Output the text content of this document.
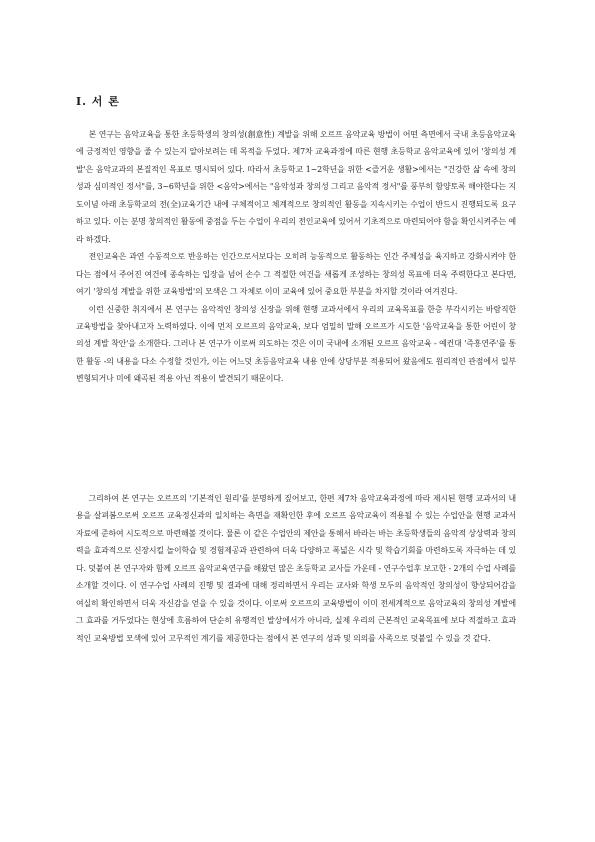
Ⅰ. 서 론

본 연구는 음악교육을 통한 초등학생의 창의성(創意性) 계발을 위해 오르프 음악교육 방법이 어떤 측면에서 국내 초등음악교육에 긍정적인 영향을 줄 수 있는지 알아보려는 데 목적을 두었다. 제7차 교육과정에 따른 현행 초등학교 음악교육에 있어 '창의성 계발'은 음악교과의 본질적인 목표로 명시되어 있다. 따라서 초등학교 1~2학년을 위한 <즐거운 생활>에서는 "건강한 삶 속에 창의성과 심미적인 정서"를, 3~6학년을 위한 <음악>에서는 "음악성과 창의성 그리고 음악적 정서"를 풍부히 함양토록 해야한다는 지도이념 아래 초등학교의 전(全)교육기간 내에 구체적이고 체계적으로 창의적인 활동을 지속시키는 수업이 반드시 진행되도록 요구하고 있다. 이는 분명 창의적인 활동에 중점을 두는 수업이 우리의 전인교육에 있어서 기초적으로 마련되어야 함을 확인시켜주는 예라 하겠다.

전인교육은 과연 수동적으로 반응하는 인간으로서보다는 오히려 능동적으로 활동하는 인간 주체성을 육지하고 강화시켜야 한다는 점에서 주어진 여건에 종속하는 입장을 넘어 손수 그 적절한 여건을 새롭게 조성하는 창의성 목표에 더욱 주력한다고 본다면, 여기 '창의성 계발을 위한 교육방법'의 모색은 그 자체로 이미 교육에 있어 중요한 부분을 차지할 것이라 여겨진다.

이런 신중한 취지에서 본 연구는 음악적인 창의성 신장을 위해 현행 교과서에서 우리의 교육목표를 한층 부각시키는 바람직한 교육방법을 찾아내고자 노력하였다. 이에 먼저 오르프의 음악교육, 보다 엄밀히 말해 오르프가 시도한 '음악교육을 통한 어린이 창의성 계발 착안'을 소개한다. 그러나 본 연구가 이로써 의도하는 것은 이미 국내에 소개된 오르프 음악교육 - 예컨대 '즉흥연주'를 통한 활동 -의 내용을 다소 수정할 것인가, 이는 어느덧 초등음악교육 내용 안에 상당부분 적용되어 왔음에도 원리적인 관점에서 일부 변형되거나 미에 왜곡된 적용 아닌 적용이 발견되기 때문이다.

그리하여 본 연구는 오르프의 '기본적인 원리'를 분명하게 짚어보고, 한편 제7차 음악교육과정에 따라 제시된 현행 교과서의 내용을 살펴봄으로써 오르프 교육정신과의 일치하는 측면을 재확인한 후에 오르프 음악교육이 적용될 수 있는 수업안을 현행 교과서 자료에 준하여 시도적으로 마련해볼 것이다. 물론 이 같은 수업안의 제안을 통해서 바라는 바는 초등학생들의 음악적 상상력과 창의력을 효과적으로 신장시킬 놀이학습 및 경험제공과 관련하여 더욱 다양하고 폭넓은 시각 및 학습기회를 마련하도록 자극하는 데 있다. 덧붙여 본 연구자와 함께 오르프 음악교육연구를 해왔던 많은 초등학교 교사들 가운데 - 연구수업후 보고한 - 2개의 수업 사례를 소개할 것이다. 이 연구수업 사례의 진행 및 결과에 대해 정리하면서 우리는 교사와 학생 모두의 음악적인 창의성이 향상되어감을 여실히 확인하면서 더욱 자신감을 얻을 수 있을 것이다. 이로써 오르프의 교육방법이 이미 전세계적으로 음악교육의 창의성 계발에 그 효과를 거두었다는 현상에 흐름하여 단순히 유행적인 발상에서가 아니라, 실제 우리의 근본적인 교육목표에 보다 적절하고 효과적인 교육방법 모색에 있어 고무적인 계기를 제공한다는 점에서 본 연구의 성과 및 의의를 사족으로 덧붙일 수 있을 것 같다.
